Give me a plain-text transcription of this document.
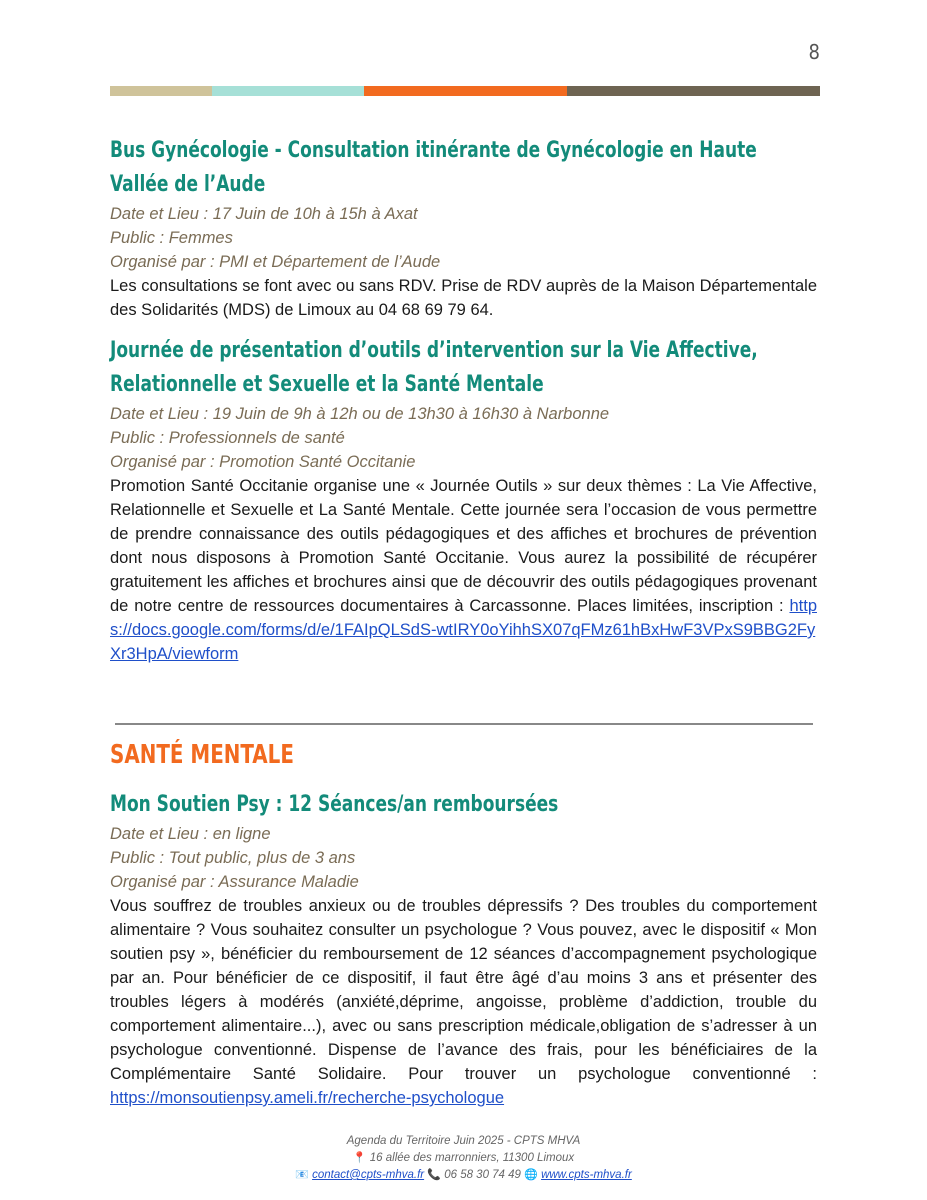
8
Bus Gynécologie - Consultation itinérante de Gynécologie en Haute Vallée de l’Aude

Date et Lieu : 17 Juin de 10h à 15h à Axat

Public : Femmes

Organisé par : PMI et Département de l’Aude

Les consultations se font avec ou sans RDV. Prise de RDV auprès de la Maison Départementale des Solidarités (MDS) de Limoux au 04 68 69 79 64.

Journée de présentation d’outils d’intervention sur la Vie Affective, Relationnelle et Sexuelle et la Santé Mentale

Date et Lieu : 19 Juin de 9h à 12h ou de 13h30 à 16h30 à Narbonne

Public : Professionnels de santé

Organisé par : Promotion Santé Occitanie

Promotion Santé Occitanie organise une « Journée Outils » sur deux thèmes : La Vie Affective, Relationnelle et Sexuelle et La Santé Mentale. Cette journée sera l’occasion de vous permettre de prendre connaissance des outils pédagogiques et des affiches et brochures de prévention dont nous disposons à Promotion Santé Occitanie. Vous aurez la possibilité de récupérer gratuitement les affiches et brochures ainsi que de découvrir des outils pédagogiques provenant de notre centre de ressources documentaires à Carcassonne. Places limitées, inscription : https://docs.google.com/forms/d/e/1FAIpQLSdS-wtIRY0oYihhSX07qFMz61hBxHwF3VPxS9BBG2FyXr3HpA/viewform

SANTÉ MENTALE
Mon Soutien Psy : 12 Séances/an remboursées

Date et Lieu : en ligne

Public : Tout public, plus de 3 ans

Organisé par : Assurance Maladie

Vous souffrez de troubles anxieux ou de troubles dépressifs ? Des troubles du comportement alimentaire ? Vous souhaitez consulter un psychologue ? Vous pouvez, avec le dispositif « Mon soutien psy », bénéficier du remboursement de 12 séances d’accompagnement psychologique par an. Pour bénéficier de ce dispositif, il faut être âgé d’au moins 3 ans et présenter des troubles légers à modérés (anxiété,déprime, angoisse, problème d’addiction, trouble du comportement alimentaire...), avec ou sans prescription médicale,obligation de s’adresser à un psychologue conventionné. Dispense de l’avance des frais, pour les bénéficiaires de la Complémentaire Santé Solidaire. Pour trouver un psychologue conventionné : https://monsoutienpsy.ameli.fr/recherche-psychologue

Agenda du Territoire Juin 2025 - CPTS MHVA
📍 16 allée des marronniers, 11300 Limoux
📧 contact@cpts-mhva.fr 📞 06 58 30 74 49 🌐 www.cpts-mhva.fr
